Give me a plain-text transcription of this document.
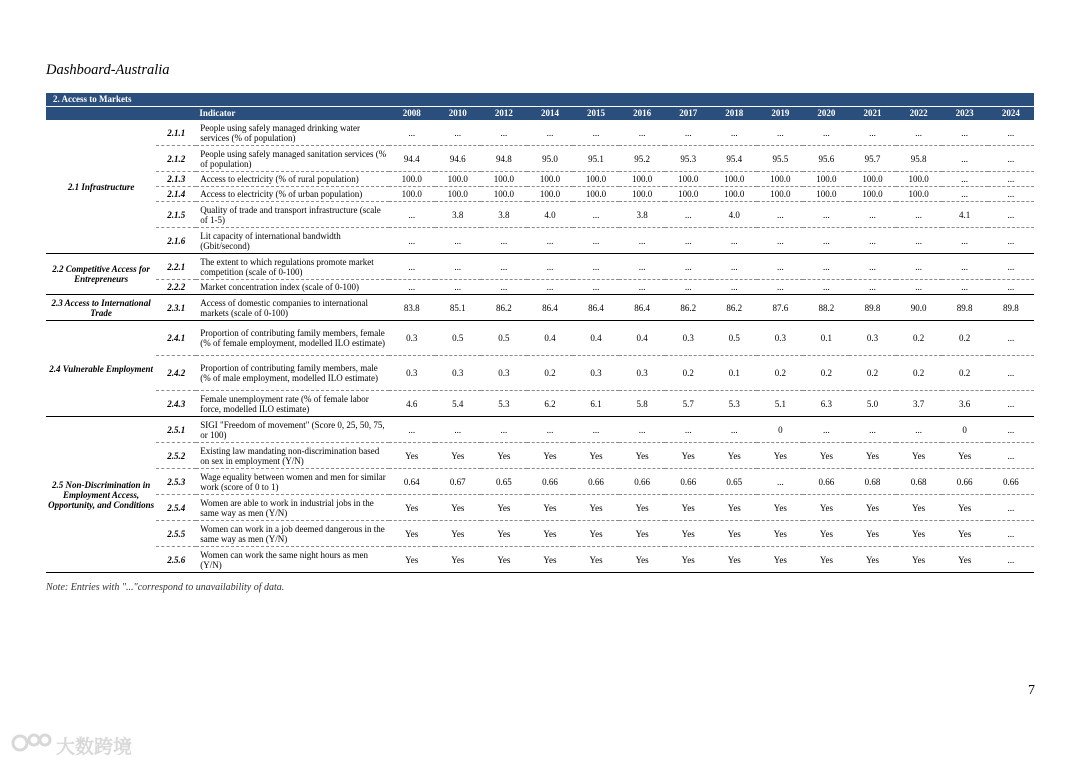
Dashboard-Australia
2. Access to Markets
Indicator			2008	2010	2012	2014	2015	2016	2017	2018	2019	2020	2021	2022	2023	2024
2.1 Infrastructure	2.1.1	People using safely managed drinking water services (% of population)	...	...	...	...	...	...	...	...	...	...	...	...	...	...
	2.1.2	People using safely managed sanitation services (% of population)	94.4	94.6	94.8	95.0	95.1	95.2	95.3	95.4	95.5	95.6	95.7	95.8	...	...
	2.1.3	Access to electricity (% of rural population)	100.0	100.0	100.0	100.0	100.0	100.0	100.0	100.0	100.0	100.0	100.0	100.0	...	...
	2.1.4	Access to electricity (% of urban population)	100.0	100.0	100.0	100.0	100.0	100.0	100.0	100.0	100.0	100.0	100.0	100.0	...	...
	2.1.5	Quality of trade and transport infrastructure (scale of 1-5)	...	3.8	3.8	4.0	...	3.8	...	4.0	...	...	...	...	4.1	...
	2.1.6	Lit capacity of international bandwidth (Gbit/second)	...	...	...	...	...	...	...	...	...	...	...	...	...	...
2.2 Competitive Access for Entrepreneurs	2.2.1	The extent to which regulations promote market competition (scale of 0-100)	...	...	...	...	...	...	...	...	...	...	...	...	...	...
	2.2.2	Market concentration index (scale of 0-100)	...	...	...	...	...	...	...	...	...	...	...	...	...	...
2.3 Access to International Trade	2.3.1	Access of domestic companies to international markets (scale of 0-100)	83.8	85.1	86.2	86.4	86.4	86.4	86.2	86.2	87.6	88.2	89.8	90.0	89.8	89.8
2.4 Vulnerable Employment	2.4.1	Proportion of contributing family members, female (% of female employment, modelled ILO estimate)	0.3	0.5	0.5	0.4	0.4	0.4	0.3	0.5	0.3	0.1	0.3	0.2	0.2	...
	2.4.2	Proportion of contributing family members, male (% of male employment, modelled ILO estimate)	0.3	0.3	0.3	0.2	0.3	0.3	0.2	0.1	0.2	0.2	0.2	0.2	0.2	...
	2.4.3	Female unemployment rate (% of female labor force, modelled ILO estimate)	4.6	5.4	5.3	6.2	6.1	5.8	5.7	5.3	5.1	6.3	5.0	3.7	3.6	...
2.5 Non-Discrimination in Employment Access, Opportunity, and Conditions	2.5.1	SIGI "Freedom of movement" (Score 0, 25, 50, 75, or 100)	...	...	...	...	...	...	...	...	0	...	...	...	0	...
	2.5.2	Existing law mandating non-discrimination based on sex in employment (Y/N)	Yes	Yes	Yes	Yes	Yes	Yes	Yes	Yes	Yes	Yes	Yes	Yes	Yes	...
	2.5.3	Wage equality between women and men for similar work (score of 0 to 1)	0.64	0.67	0.65	0.66	0.66	0.66	0.66	0.65	...	0.66	0.68	0.68	0.66	0.66
	2.5.4	Women are able to work in industrial jobs in the same way as men (Y/N)	Yes	Yes	Yes	Yes	Yes	Yes	Yes	Yes	Yes	Yes	Yes	Yes	Yes	...
	2.5.5	Women can work in a job deemed dangerous in the same way as men (Y/N)	Yes	Yes	Yes	Yes	Yes	Yes	Yes	Yes	Yes	Yes	Yes	Yes	Yes	...
	2.5.6	Women can work the same night hours as men (Y/N)	Yes	Yes	Yes	Yes	Yes	Yes	Yes	Yes	Yes	Yes	Yes	Yes	Yes	...
Note: Entries with "..."correspond to unavailability of data.
7
大数跨境
